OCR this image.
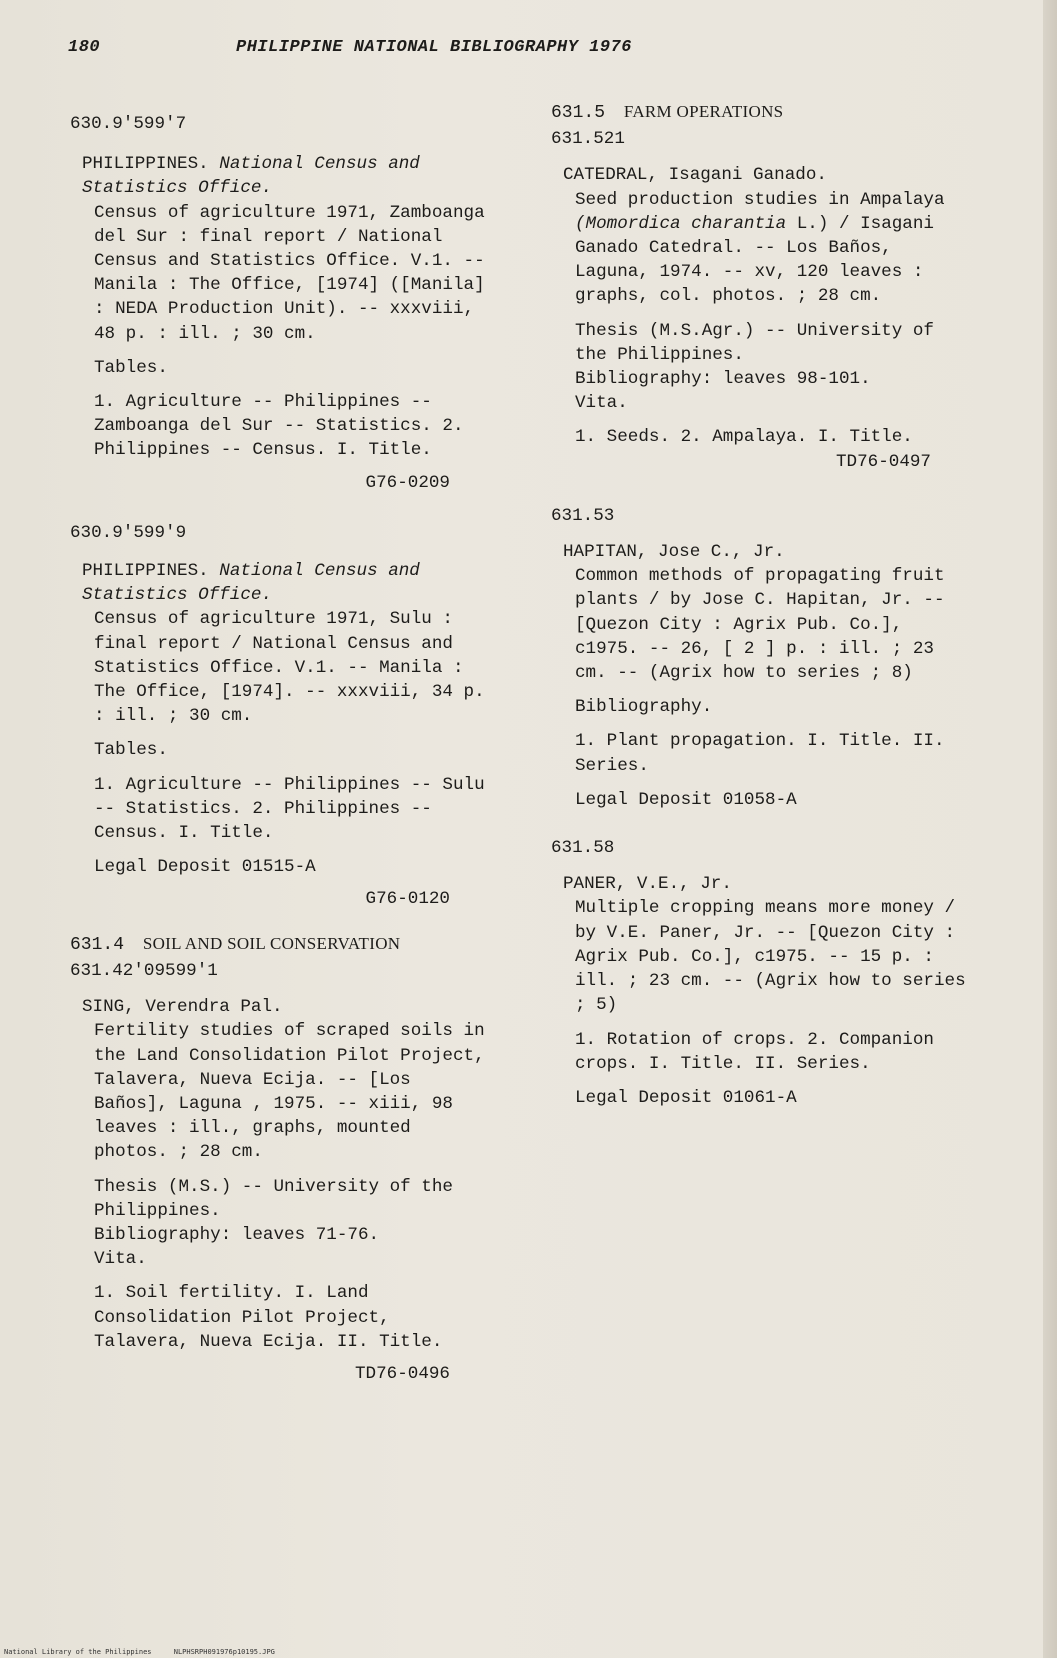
180	PHILIPPINE NATIONAL BIBLIOGRAPHY 1976

630.9'599'7

PHILIPPINES. National Census and Statistics Office.

Census of agriculture 1971, Zamboanga del Sur : final report / National Census and Statistics Office. V.1. -- Manila : The Office, [1974] ([Manila] : NEDA Production Unit). -- xxxviii, 48 p. : ill. ; 30 cm.

Tables.

1. Agriculture -- Philippines -- Zamboanga del Sur -- Statistics. 2. Philippines -- Census. I. Title.

G76-0209

630.9'599'9

PHILIPPINES. National Census and Statistics Office.

Census of agriculture 1971, Sulu : final report / National Census and Statistics Office. V.1. -- Manila : The Office, [1974]. -- xxxviii, 34 p. : ill. ; 30 cm.

Tables.

1. Agriculture -- Philippines -- Sulu -- Statistics. 2. Philippines -- Census. I. Title.

Legal Deposit 01515-A

G76-0120

631.4 SOIL AND SOIL CONSERVATION

631.42'09599'1

SING, Verendra Pal.

Fertility studies of scraped soils in the Land Consolidation Pilot Project, Talavera, Nueva Ecija. -- [Los Baños], Laguna , 1975. -- xiii, 98 leaves : ill., graphs, mounted photos. ; 28 cm.

Thesis (M.S.) -- University of the Philippines.

Bibliography: leaves 71-76.

Vita.

1. Soil fertility. I. Land Consolidation Pilot Project, Talavera, Nueva Ecija. II. Title.

TD76-0496

631.5 FARM OPERATIONS

631.521

CATEDRAL, Isagani Ganado.

Seed production studies in Ampalaya (Momordica charantia L.) / Isagani Ganado Catedral. -- Los Baños, Laguna, 1974. -- xv, 120 leaves : graphs, col. photos. ; 28 cm.

Thesis (M.S.Agr.) -- University of the Philippines.

Bibliography: leaves 98-101.

Vita.

1. Seeds. 2. Ampalaya. I. Title.

TD76-0497

631.53

HAPITAN, Jose C., Jr.

Common methods of propagating fruit plants / by Jose C. Hapitan, Jr. -- [Quezon City : Agrix Pub. Co.], c1975. -- 26, [ 2 ] p. : ill. ; 23 cm. -- (Agrix how to series ; 8)

Bibliography.

1. Plant propagation. I. Title. II. Series.

Legal Deposit 01058-A

631.58

PANER, V.E., Jr.

Multiple cropping means more money / by V.E. Paner, Jr. -- [Quezon City : Agrix Pub. Co.], c1975. -- 15 p. : ill. ; 23 cm. -- (Agrix how to series ; 5)

1. Rotation of crops. 2. Companion crops. I. Title. II. Series.

Legal Deposit 01061-A

National Library of the Philippines	NLPHSRPH091976p10195.JPG
